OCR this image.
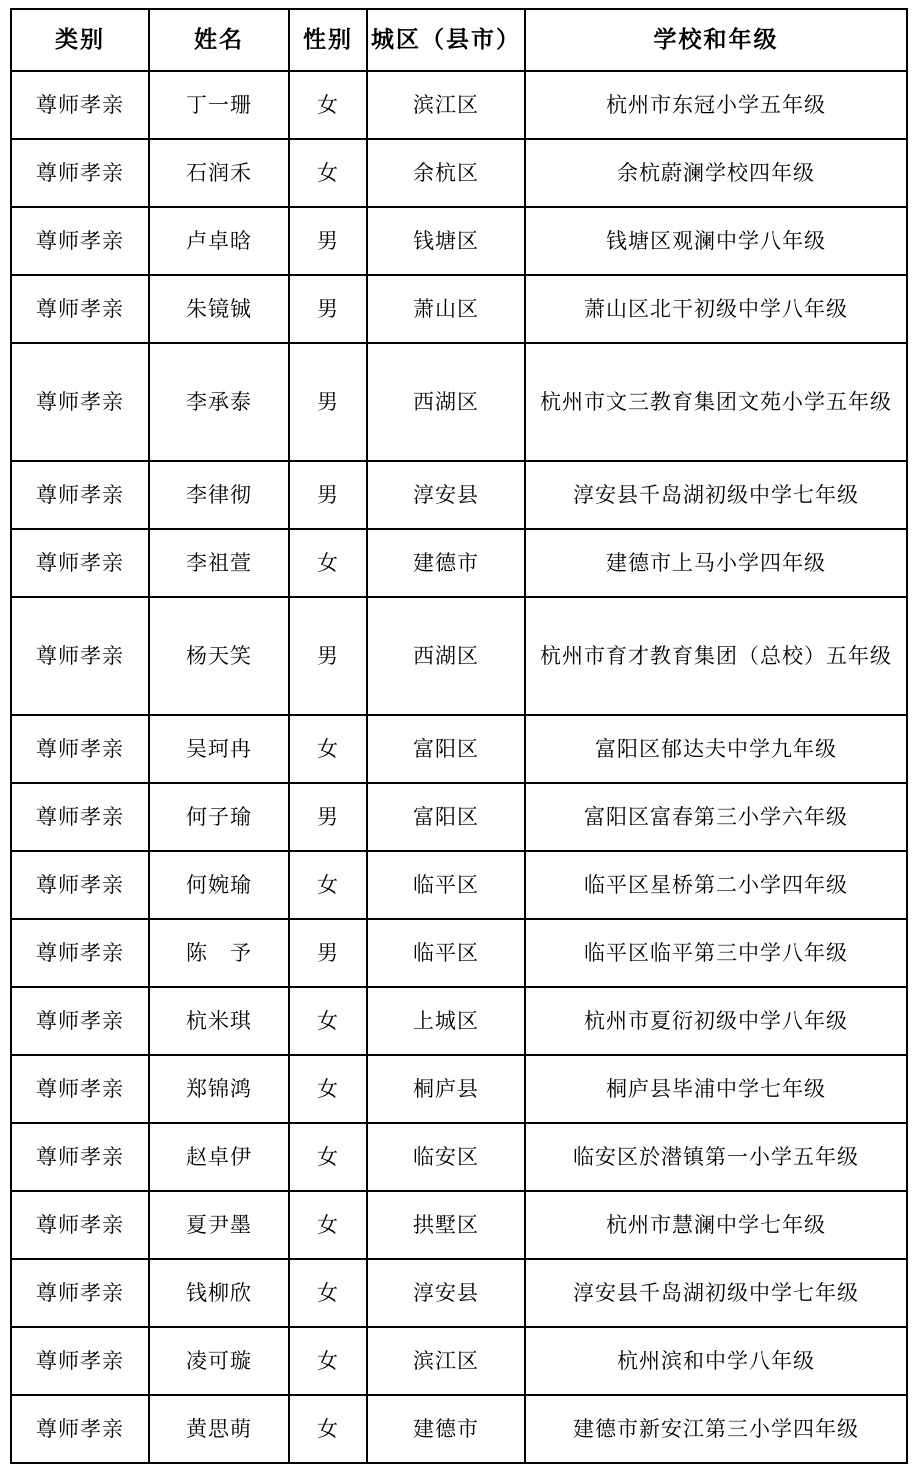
类别	姓名	性别	城区（县市）	学校和年级
尊师孝亲	丁一珊	女	滨江区	杭州市东冠小学五年级
尊师孝亲	石润禾	女	余杭区	余杭蔚澜学校四年级
尊师孝亲	卢卓晗	男	钱塘区	钱塘区观澜中学八年级
尊师孝亲	朱镜铖	男	萧山区	萧山区北干初级中学八年级
尊师孝亲	李承泰	男	西湖区	杭州市文三教育集团文苑小学五年级
尊师孝亲	李律彻	男	淳安县	淳安县千岛湖初级中学七年级
尊师孝亲	李祖萱	女	建德市	建德市上马小学四年级
尊师孝亲	杨天笑	男	西湖区	杭州市育才教育集团（总校）五年级
尊师孝亲	吴珂冉	女	富阳区	富阳区郁达夫中学九年级
尊师孝亲	何子瑜	男	富阳区	富阳区富春第三小学六年级
尊师孝亲	何婉瑜	女	临平区	临平区星桥第二小学四年级
尊师孝亲	陈　予	男	临平区	临平区临平第三中学八年级
尊师孝亲	杭米琪	女	上城区	杭州市夏衍初级中学八年级
尊师孝亲	郑锦鸿	女	桐庐县	桐庐县毕浦中学七年级
尊师孝亲	赵卓伊	女	临安区	临安区於潜镇第一小学五年级
尊师孝亲	夏尹墨	女	拱墅区	杭州市慧澜中学七年级
尊师孝亲	钱柳欣	女	淳安县	淳安县千岛湖初级中学七年级
尊师孝亲	凌可璇	女	滨江区	杭州滨和中学八年级
尊师孝亲	黄思萌	女	建德市	建德市新安江第三小学四年级
